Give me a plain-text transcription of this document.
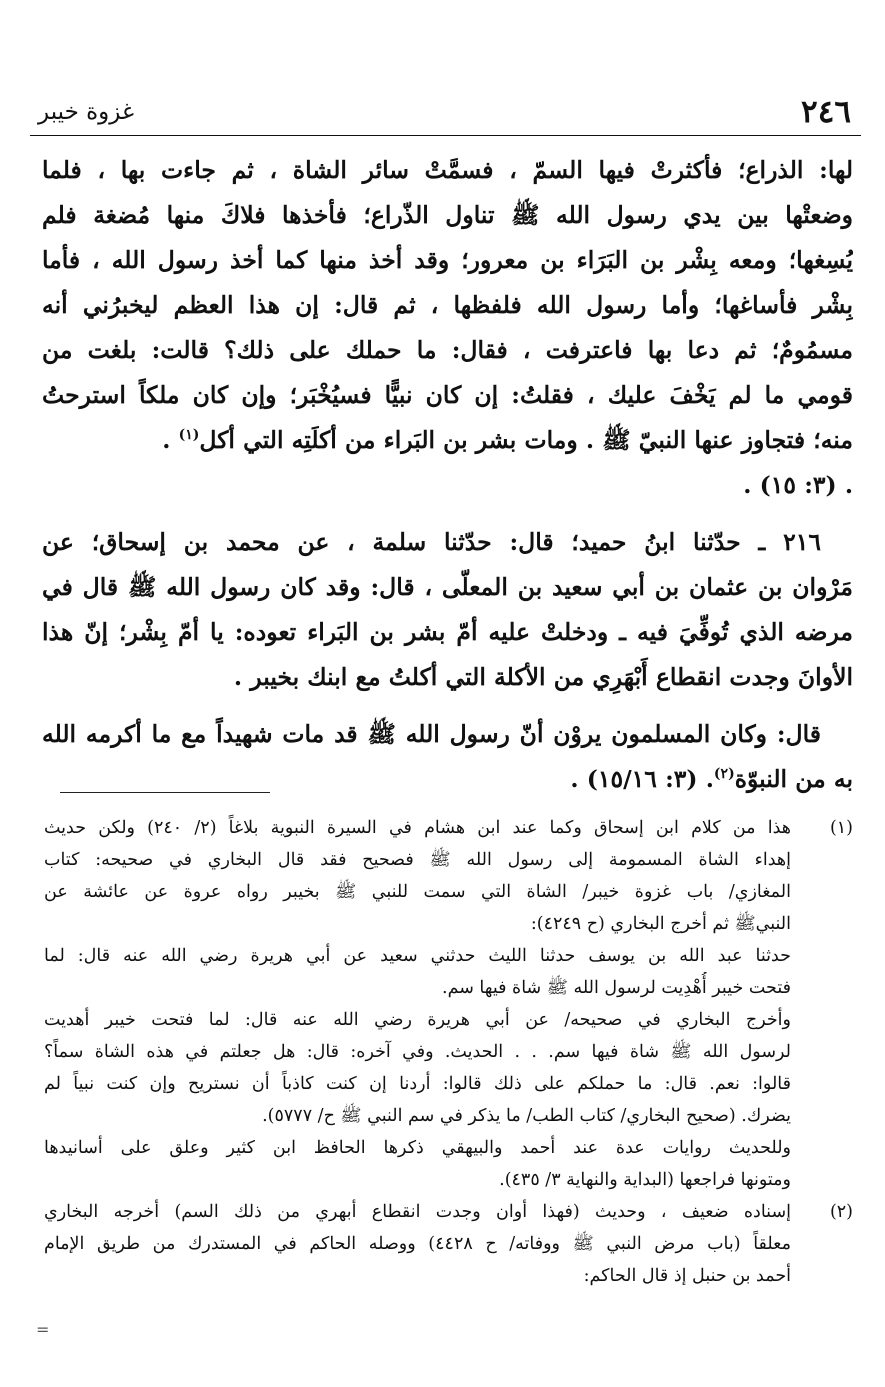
٢٤٦
غزوة خيبر
لها: الذراع؛ فأكثرتْ فيها السمّ ، فسمَّتْ سائر الشاة ، ثم جاءت بها ، فلما
وضعتْها بين يدي رسول الله ﷺ تناول الذّراع؛ فأخذها فلاكَ منها مُضغة فلم
يُسِغها؛ ومعه بِشْر بن البَرَاء بن معرور؛ وقد أخذ منها كما أخذ رسول الله ، فأما
بِشْر فأساغها؛ وأما رسول الله فلفظها ، ثم قال: إن هذا العظم ليخبرُني أنه
مسمُومٌ؛ ثم دعا بها فاعترفت ، فقال: ما حملك على ذلك؟ قالت: بلغت من
قومي ما لم يَخْفَ عليك ، فقلتُ: إن كان نبيًّا فسيُخْبَر؛ وإن كان ملكاً استرحتُ
منه؛ فتجاوز عنها النبيّ ﷺ . ومات بشر بن البَراء من أكلَتِه التي أكل$^{(١)}$ .
. (٣: ١٥) .
٢١٦ ـ حدّثنا ابنُ حميد؛ قال: حدّثنا سلمة ، عن محمد بن إسحاق؛ عن
مَرْوان بن عثمان بن أبي سعيد بن المعلّى ، قال: وقد كان رسول الله ﷺ قال في
مرضه الذي تُوفِّيَ فيه ـ ودخلتْ عليه أمّ بشر بن البَراء تعوده: يا أمّ بِشْر؛ إنّ هذا
الأوانَ وجدت انقطاع أَبْهَرِي من الأكلة التي أكلتُ مع ابنك بخيبر .
قال: وكان المسلمون يروْن أنّ رسول الله ﷺ قد مات شهيداً مع ما أكرمه الله
به من النبوّة$^{(٢)}$. (٣: ١٥/١٦) .
(١)
هذا من كلام ابن إسحاق وكما عند ابن هشام في السيرة النبوية بلاغاً (٢/ ٢٤٠) ولكن حديث
إهداء الشاة المسمومة إلى رسول الله ﷺ فصحيح فقد قال البخاري في صحيحه: كتاب
المغازي/ باب غزوة خيبر/ الشاة التي سمت للنبي ﷺ بخيبر رواه عروة عن عائشة عن
النبيﷺ ثم أخرج البخاري (ح ٤٢٤٩):
حدثنا عبد الله بن يوسف حدثنا الليث حدثني سعيد عن أبي هريرة رضي الله عنه قال: لما
فتحت خيبر أُهْدِيت لرسول الله ﷺ شاة فيها سم.
وأخرج البخاري في صحيحه/ عن أبي هريرة رضي الله عنه قال: لما فتحت خيبر أهديت
لرسول الله ﷺ شاة فيها سم. . . الحديث. وفي آخره: قال: هل جعلتم في هذه الشاة سماً؟
قالوا: نعم. قال: ما حملكم على ذلك قالوا: أردنا إن كنت كاذباً أن نستريح وإن كنت نبياً لم
يضرك. (صحيح البخاري/ كتاب الطب/ ما يذكر في سم النبي ﷺ ح/ ٥٧٧٧).
وللحديث روايات عدة عند أحمد والبيهقي ذكرها الحافظ ابن كثير وعلق على أسانيدها
ومتونها فراجعها (البداية والنهاية ٣/ ٤٣٥).
(٢)
إسناده ضعيف ، وحديث (فهذا أوان وجدت انقطاع أبهري من ذلك السم) أخرجه البخاري
معلقاً (باب مرض النبي ﷺ ووفاته/ ح ٤٤٢٨) ووصله الحاكم في المستدرك من طريق الإمام
أحمد بن حنبل إذ قال الحاكم:
=
